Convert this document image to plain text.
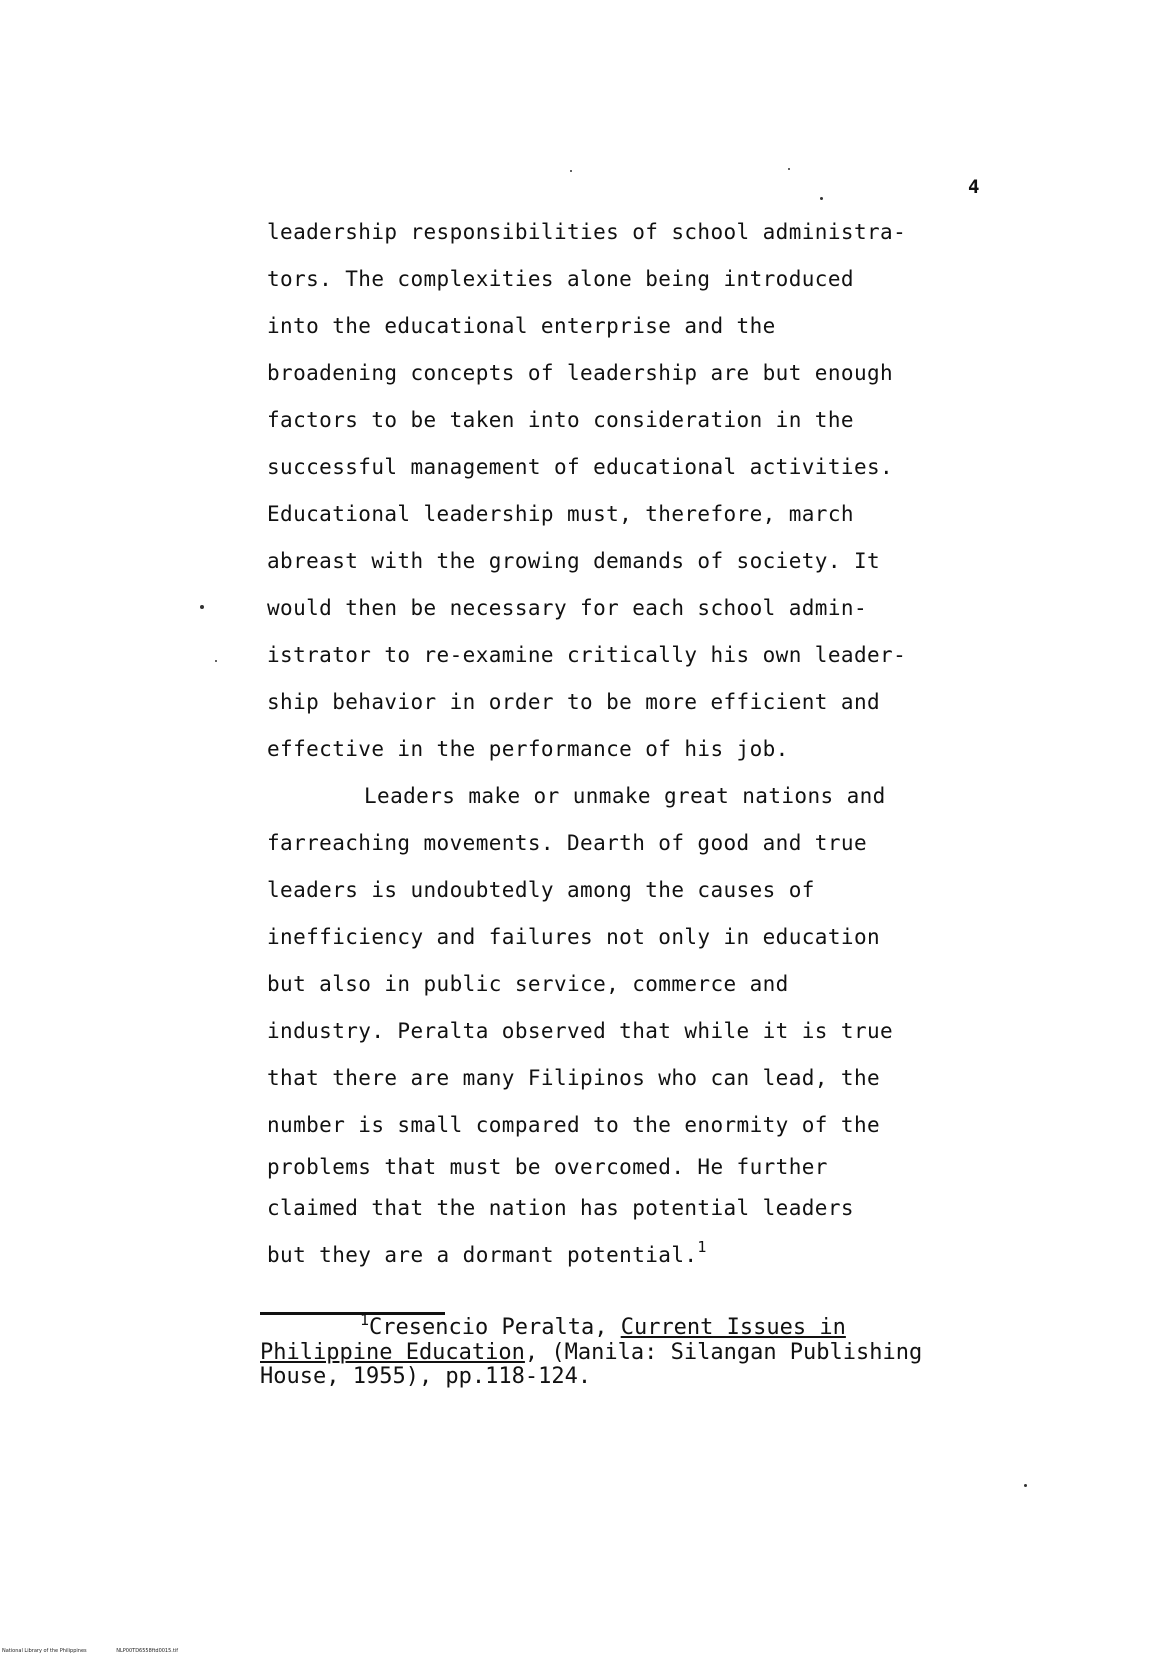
4
leadership responsibilities of school administra-
tors. The complexities alone being introduced
into the educational enterprise and the
broadening concepts of leadership are but enough
factors to be taken into consideration in the
successful management of educational activities.
Educational leadership must, therefore, march
abreast with the growing demands of society. It
would then be necessary for each school admin-
istrator to re-examine critically his own leader-
ship behavior in order to be more efficient and
effective in the performance of his job.
Leaders make or unmake great nations and
farreaching movements. Dearth of good and true
leaders is undoubtedly among the causes of
inefficiency and failures not only in education
but also in public service, commerce and
industry. Peralta observed that while it is true
that there are many Filipinos who can lead, the
number is small compared to the enormity of the
problems that must be overcomed. He further
claimed that the nation has potential leaders
but they are a dormant potential.$^1$
$^1$Cresencio Peralta, Current Issues in
Philippine Education, (Manila: Silangan Publishing
House, 1955), pp.118-124.
National Library of the Philippines	NLP00TD6558ftd0015.tif
